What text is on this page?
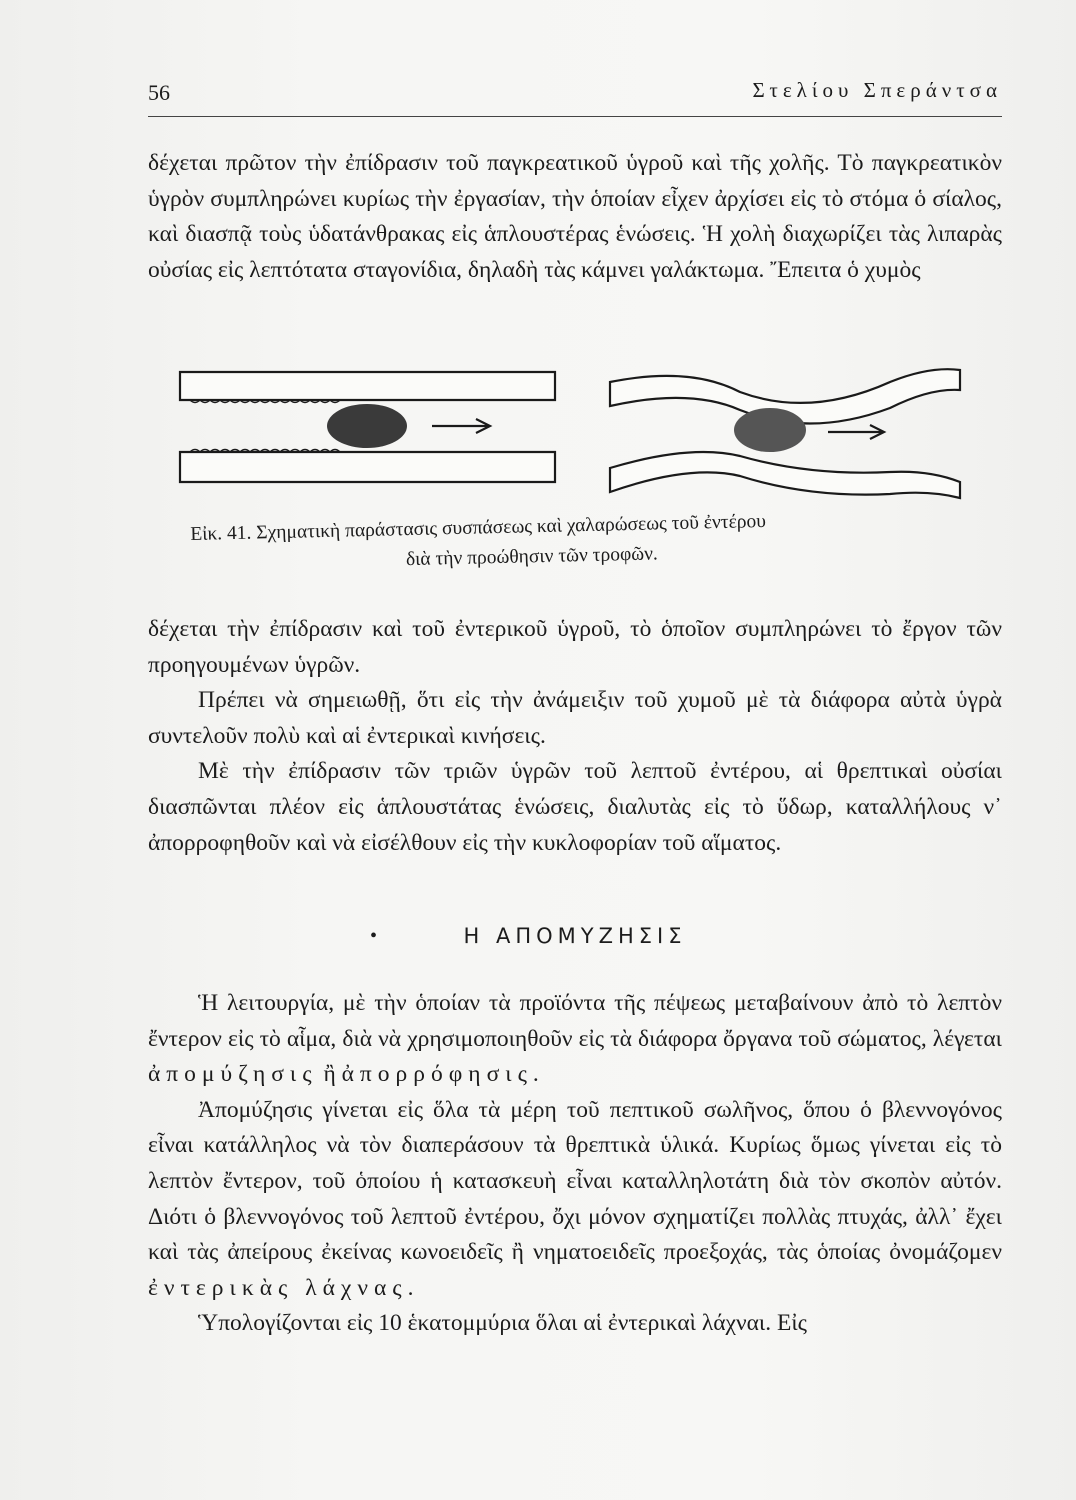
56	Στελίου Σπεράντσα

δέχεται πρῶτον τὴν ἐπίδρασιν τοῦ παγκρεατικοῦ ὑγροῦ καὶ τῆς χολῆς. Τὸ παγκρεατικὸν ὑγρὸν συμπληρώνει κυρίως τὴν ἐργασίαν, τὴν ὁποίαν εἶχεν ἀρχίσει εἰς τὸ στόμα ὁ σίαλος, καὶ διασπᾷ τοὺς ὑδατάνθρακας εἰς ἁπλουστέρας ἑνώσεις. Ἡ χολὴ διαχωρίζει τὰς λιπαρὰς οὐσίας εἰς λεπτότατα σταγονίδια, δηλαδὴ τὰς κάμνει γαλάκτωμα. Ἔπειτα ὁ χυμὸς

Εἰκ. 41. Σχηματικὴ παράστασις συσπάσεως καὶ χαλαρώσεως τοῦ ἐντέρου
διὰ τὴν προώθησιν τῶν τροφῶν.

δέχεται τὴν ἐπίδρασιν καὶ τοῦ ἐντερικοῦ ὑγροῦ, τὸ ὁποῖον συμπληρώνει τὸ ἔργον τῶν προηγουμένων ὑγρῶν.

Πρέπει νὰ σημειωθῇ, ὅτι εἰς τὴν ἀνάμειξιν τοῦ χυμοῦ μὲ τὰ διάφορα αὐτὰ ὑγρὰ συντελοῦν πολὺ καὶ αἱ ἐντερικαὶ κινήσεις.

Μὲ τὴν ἐπίδρασιν τῶν τριῶν ὑγρῶν τοῦ λεπτοῦ ἐντέρου, αἱ θρεπτικαὶ οὐσίαι διασπῶνται πλέον εἰς ἁπλουστάτας ἑνώσεις, διαλυτὰς εἰς τὸ ὕδωρ, καταλλήλους ν᾽ ἀπορροφηθοῦν καὶ νὰ εἰσέλθουν εἰς τὴν κυκλοφορίαν τοῦ αἵματος.

•	Η ΑΠΟΜΥΖΗΣΙΣ

Ἡ λειτουργία, μὲ τὴν ὁποίαν τὰ προϊόντα τῆς πέψεως μεταβαίνουν ἀπὸ τὸ λεπτὸν ἔντερον εἰς τὸ αἷμα, διὰ νὰ χρησιμοποιηθοῦν εἰς τὰ διάφορα ὄργανα τοῦ σώματος, λέγεται ἀπομύζησις ἢ ἀπορρόφησις.

Ἀπομύζησις γίνεται εἰς ὅλα τὰ μέρη τοῦ πεπτικοῦ σωλῆνος, ὅπου ὁ βλεννογόνος εἶναι κατάλληλος νὰ τὸν διαπεράσουν τὰ θρεπτικὰ ὑλικά. Κυρίως ὅμως γίνεται εἰς τὸ λεπτὸν ἔντερον, τοῦ ὁποίου ἡ κατασκευὴ εἶναι καταλληλοτάτη διὰ τὸν σκοπὸν αὐτόν. Διότι ὁ βλεννογόνος τοῦ λεπτοῦ ἐντέρου, ὄχι μόνον σχηματίζει πολλὰς πτυχάς, ἀλλ᾽ ἔχει καὶ τὰς ἀπείρους ἐκείνας κωνοειδεῖς ἢ νηματοειδεῖς προεξοχάς, τὰς ὁποίας ὀνομάζομεν ἐντερικὰς λάχνας.

Ὑπολογίζονται εἰς 10 ἑκατομμύρια ὅλαι αἱ ἐντερικαὶ λάχναι. Εἰς
